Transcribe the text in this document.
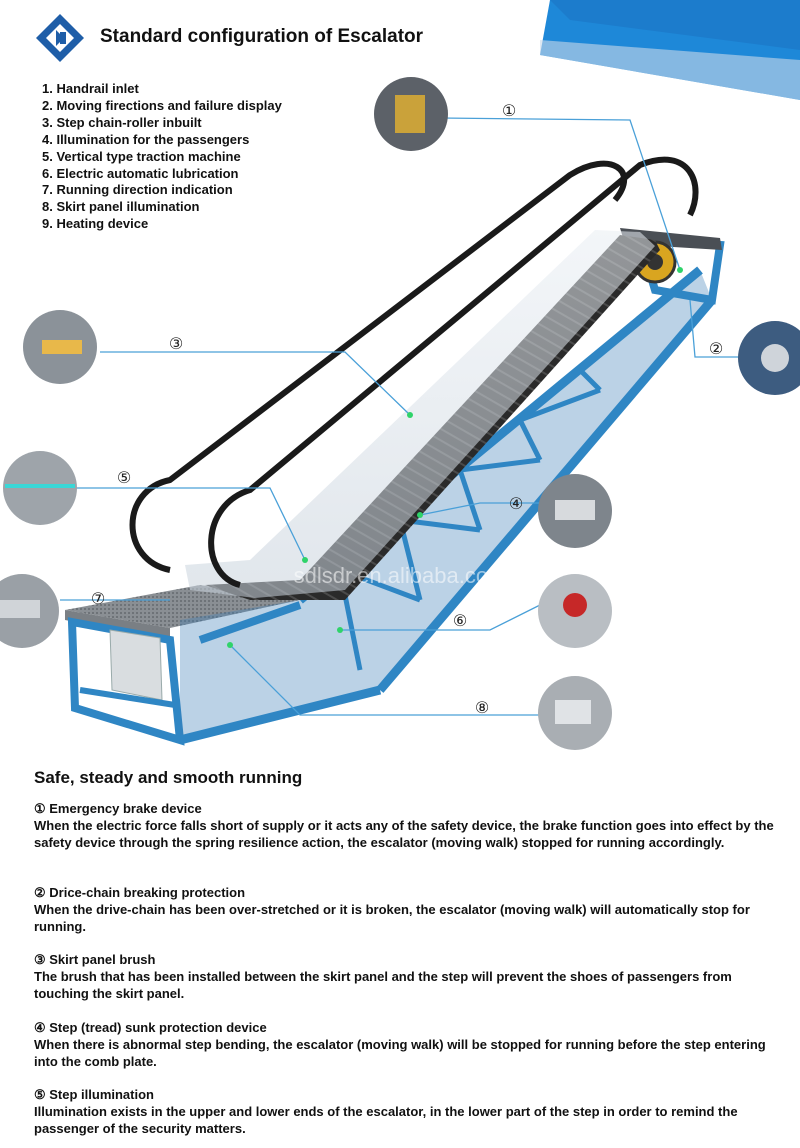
Standard configuration of Escalator
1. Handrail inlet
2. Moving firections and failure display
3. Step chain-roller inbuilt
4. Illumination for the passengers
5. Vertical type traction machine
6. Electric automatic lubrication
7. Running direction indication
8. Skirt panel illumination
9. Heating device
①
②
③
⑤
④
⑦
⑥
⑧
sdlsdr.en.alibaba.com
Safe, steady and smooth running

① Emergency brake device

When the electric force falls short of supply or it acts any of the safety device, the brake function goes into effect by the safety device through the spring resilience action, the escalator (moving walk) stopped for running accordingly.

② Drice-chain breaking protection

When the drive-chain has been over-stretched or it is broken, the escalator (moving walk) will automatically stop for running.

③ Skirt panel brush

The brush that has been installed between the skirt panel and the step will prevent the shoes of passengers from touching the skirt panel.

④ Step (tread) sunk protection device

When there is abnormal step bending, the escalator (moving walk) will be stopped for running before the step entering into the comb plate.

⑤ Step illumination

Illumination exists in the upper and lower ends of the escalator, in the lower part of the step in order to remind the passenger of the security matters.
